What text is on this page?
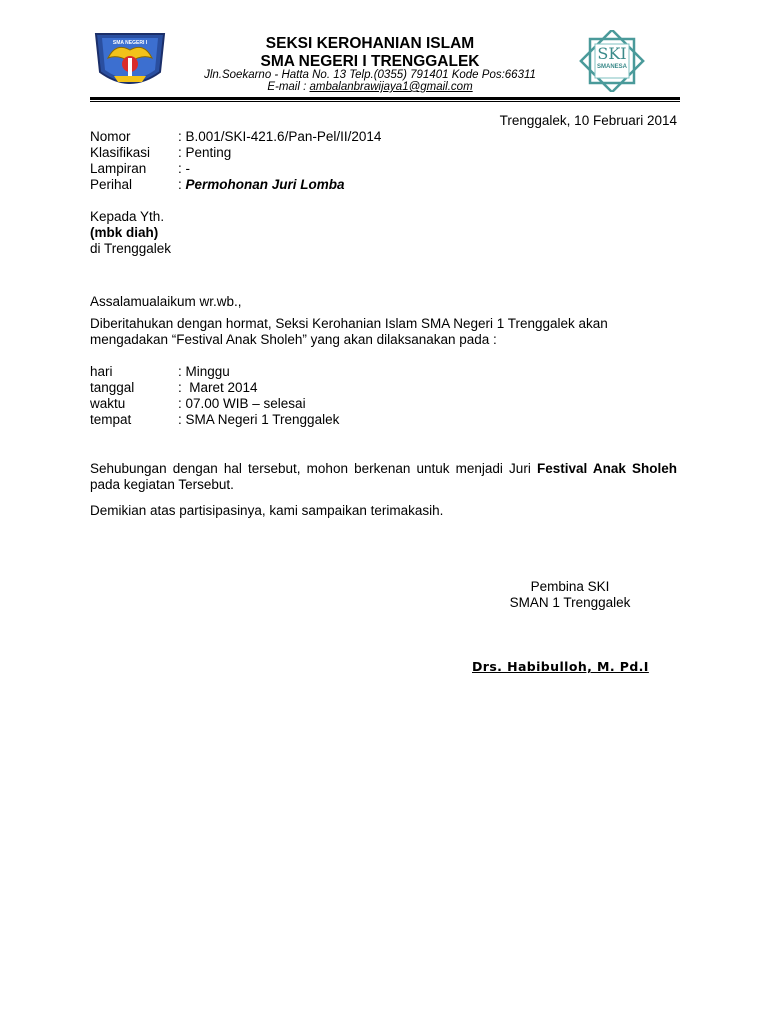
SMA NEGERI I	SEKSI KEROHANIAN ISLAM
SMA NEGERI I TRENGGALEK
Jln.Soekarno - Hatta No. 13 Telp.(0355) 791401 Kode Pos:66311
E-mail : ambalanbrawijaya1@gmail.com
SKI
SMANESA
Trenggalek, 10 Februari 2014
Nomor	: B.001/SKI-421.6/Pan-Pel/II/2014
Klasifikasi : Penting
Lampiran : -
Perihal	: Permohonan Juri Lomba
Kepada Yth.
(mbk diah)
di Trenggalek
Assalamualaikum wr.wb.,
Diberitahukan dengan hormat, Seksi Kerohanian Islam SMA Negeri 1 Trenggalek akan
mengadakan “Festival Anak Sholeh” yang akan dilaksanakan pada :
hari	: Minggu
tanggal	:  Maret 2014
waktu	: 07.00 WIB – selesai
tempat	: SMA Negeri 1 Trenggalek
Sehubungan dengan hal tersebut, mohon berkenan untuk menjadi Juri Festival Anak Sholeh pada kegiatan Tersebut.
Demikian atas partisipasinya, kami sampaikan terimakasih.
Pembina SKI
SMAN 1 Trenggalek
Drs. Habibulloh, M. Pd.I
